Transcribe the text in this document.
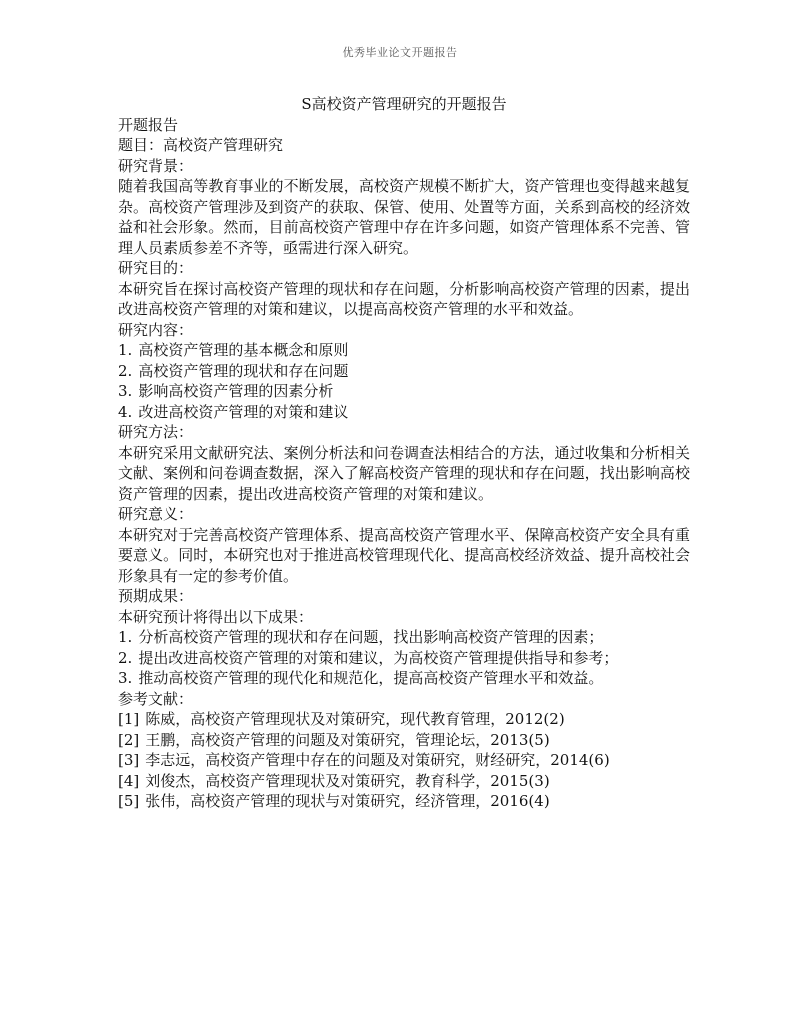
优秀毕业论文开题报告
S高校资产管理研究的开题报告

开题报告

题目：高校资产管理研究

研究背景：

随着我国高等教育事业的不断发展，高校资产规模不断扩大，资产管理也变得越来越复杂。高校资产管理涉及到资产的获取、保管、使用、处置等方面，关系到高校的经济效益和社会形象。然而，目前高校资产管理中存在许多问题，如资产管理体系不完善、管理人员素质参差不齐等，亟需进行深入研究。

研究目的：

本研究旨在探讨高校资产管理的现状和存在问题，分析影响高校资产管理的因素，提出改进高校资产管理的对策和建议，以提高高校资产管理的水平和效益。

研究内容：

1. 高校资产管理的基本概念和原则
2. 高校资产管理的现状和存在问题
3. 影响高校资产管理的因素分析
4. 改进高校资产管理的对策和建议

研究方法：

本研究采用文献研究法、案例分析法和问卷调查法相结合的方法，通过收集和分析相关文献、案例和问卷调查数据，深入了解高校资产管理的现状和存在问题，找出影响高校资产管理的因素，提出改进高校资产管理的对策和建议。

研究意义：

本研究对于完善高校资产管理体系、提高高校资产管理水平、保障高校资产安全具有重要意义。同时，本研究也对于推进高校管理现代化、提高高校经济效益、提升高校社会形象具有一定的参考价值。

预期成果：

本研究预计将得出以下成果：

1. 分析高校资产管理的现状和存在问题，找出影响高校资产管理的因素；
2. 提出改进高校资产管理的对策和建议，为高校资产管理提供指导和参考；
3. 推动高校资产管理的现代化和规范化，提高高校资产管理水平和效益。

参考文献：

[1] 陈威，高校资产管理现状及对策研究，现代教育管理，2012(2)
[2] 王鹏，高校资产管理的问题及对策研究，管理论坛，2013(5)
[3] 李志远，高校资产管理中存在的问题及对策研究，财经研究，2014(6)
[4] 刘俊杰，高校资产管理现状及对策研究，教育科学，2015(3)
[5] 张伟，高校资产管理的现状与对策研究，经济管理，2016(4)
